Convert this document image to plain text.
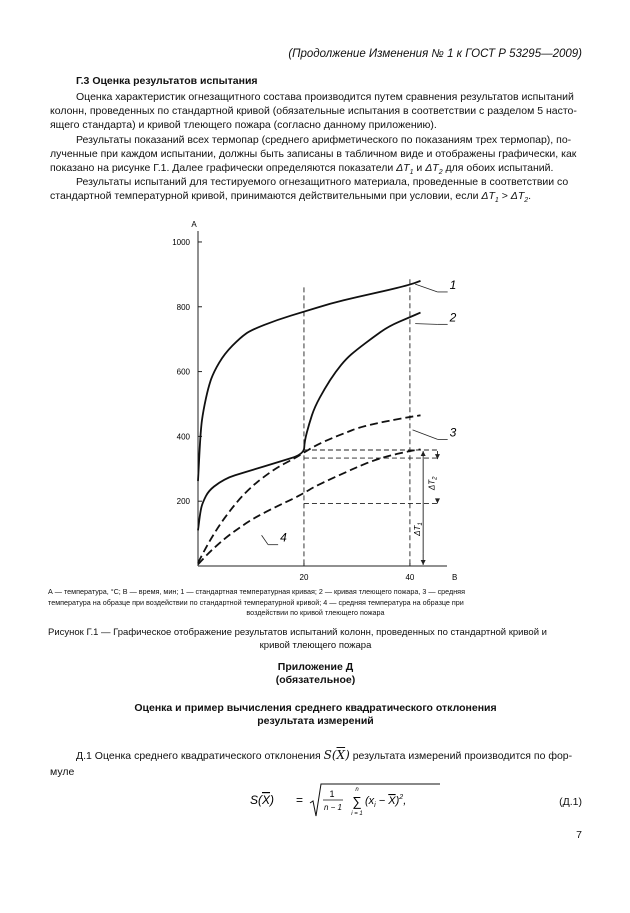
(Продолжение Изменения № 1 к ГОСТ Р 53295—2009)
Г.3 Оценка результатов испытания
Оценка характеристик огнезащитного состава производится путем сравнения результатов испытаний
колонн, проведенных по стандартной кривой (обязательные испытания в соответствии с разделом 5 насто-
ящего стандарта) и кривой тлеющего пожара (согласно данному приложению).
Результаты показаний всех термопар (среднего арифметического по показаниям трех термопар), по-
лученные при каждом испытании, должны быть записаны в табличном виде и отображены графически, как
показано на рисунке Г.1. Далее графически определяются показатели $\Delta T_1$ и $\Delta T_2$ для обоих испытаний.
Результаты испытаний для тестируемого огнезащитного материала, проведенные в соответствии со
стандартной температурной кривой, принимаются действительными при условии, если $\Delta T_1 > \Delta T_2$.
А
В
200
400
600
800
1000
20	40
$\Delta T_2$
$\Delta T_1$
1
2
3
4
А — температура, °С; В — время, мин; 1 — стандартная температурная кривая; 2 — кривая тлеющего пожара, 3 — средняя
температура на образце при воздействии по стандартной температурной кривой; 4 — средняя температура на образце при
воздействии по кривой тлеющего пожара
Рисунок Г.1 — Графическое отображение результатов испытаний колонн, проведенных по стандартной кривой и
кривой тлеющего пожара
Приложение Д
(обязательное)
Оценка и пример вычисления среднего квадратического отклонения
результата измерений
Д.1 Оценка среднего квадратического отклонения $S(\overline{X})$ результата измерений производится по фор-
муле
S(X) =	1
n − 1
n
∑
i = 1
$(x_i - X)^2$,	(Д.1)
7
